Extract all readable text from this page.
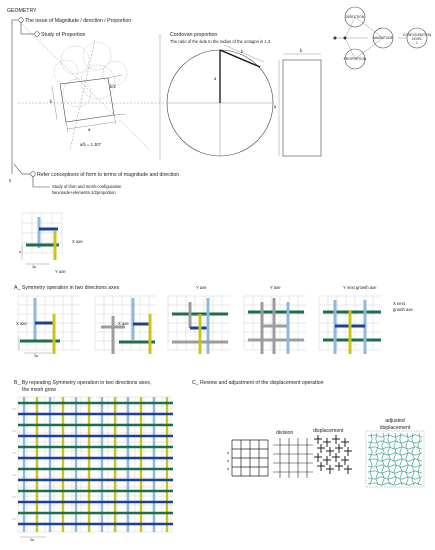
GEOMETRY
The issue of Magnitude / direction / Proportion
Study of Proportion
II
Refer conceptions of form to terms of magnitude and direction
Study of ifom and mesh-configuration
Nexorade+elements-1/2proportion
a
b
b/2
a/b = 1.307
Cordovan proportion
The ratio of the side to the radius of the octagon is 1.3
a
b	b
a
DIRECTION
MAGNITUDE
PROPORTION
CONFIGURATION
LEVEL
1
X axe
Y axe
a
3a
A_ Symmetry operation in two directions axes
X axe	X axe
Y axe	Y axe	Y next growth axe
X next
grouth axe
3a
B_ By repeating Symmetry operation in two directions axes,
the mesh grow
3a
C_ Review and adjustment of the displacement operation
division	displacement
adjusted
displacement
a
a
a
